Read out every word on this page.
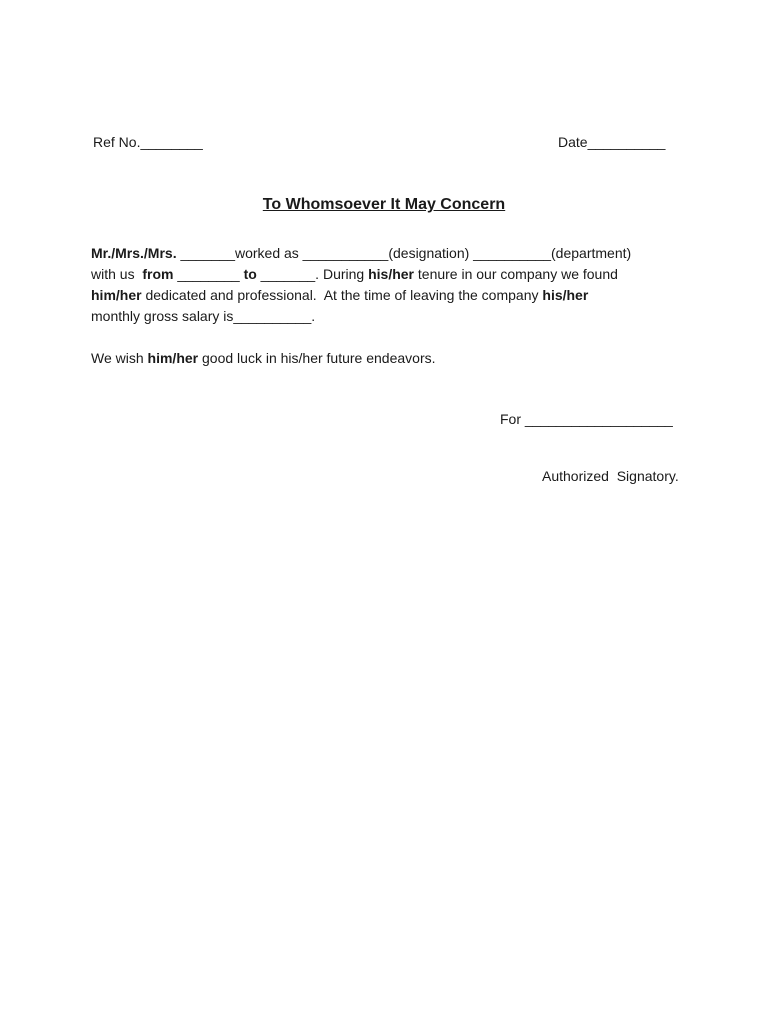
Ref No.________	Date__________
To Whomsoever It May Concern
Mr./Mrs./Mrs. _______worked as ___________(designation) __________(department)
with us  from ________ to _______. During his/her tenure in our company we found
him/her dedicated and professional.  At the time of leaving the company his/her
monthly gross salary is__________.
We wish him/her good luck in his/her future endeavors.
For ___________________
Authorized  Signatory.
